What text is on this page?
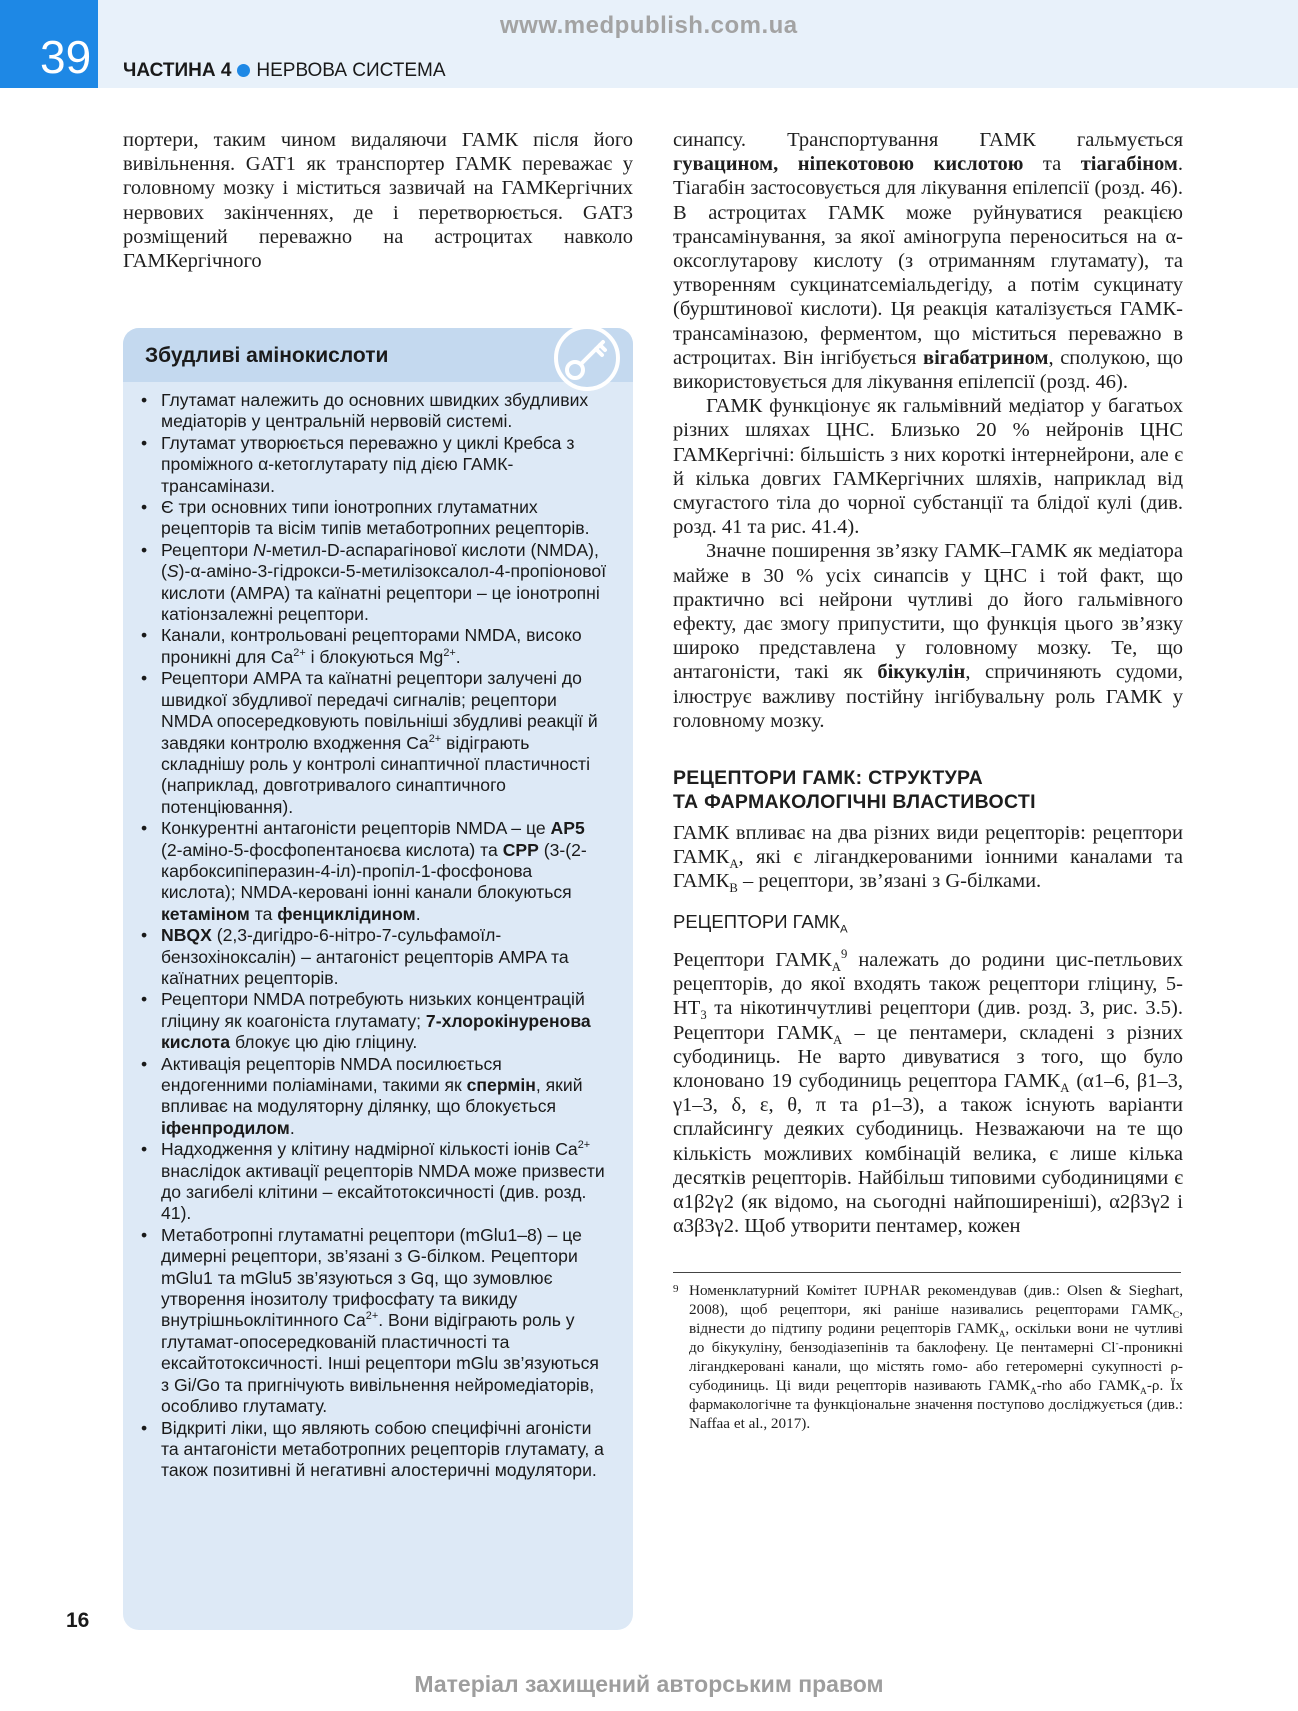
39
www.medpublish.com.ua
ЧАСТИНА 4 НЕРВОВА СИСТЕМА

портери, таким чином видаляючи ГАМК після його вивільнення. GAT1 як транспортер ГАМК переважає у головному мозку і міститься зазвичай на ГАМКергічних нервових закінченнях, де і перетворюється. GAT3 розміщений переважно на астроцитах навколо ГАМКергічного

Збудливі амінокислоти
• Глутамат належить до основних швидких збудливих медіаторів у центральній нервовій системі.
• Глутамат утворюється переважно у циклі Кребса з проміжного α-кетоглутарату під дією ГАМК-трансамінази.
• Є три основних типи іонотропних глутаматних рецепторів та вісім типів метаботропних рецепторів.
• Рецептори N-метил-D-аспарагінової кислоти (NMDA), (S)-α-аміно-3-гідрокси-5-метилізоксалол-4-пропіонової кислоти (AMPA) та каїнатні рецептори – це іонотропні катіонзалежні рецептори.
• Канали, контрольовані рецепторами NMDA, високо проникні для $Ca^{2+}$ і блокуються $Mg^{2+}$.
• Рецептори AMPA та каїнатні рецептори залучені до швидкої збудливої передачі сигналів; рецептори NMDA опосередковують повільніші збудливі реакції й завдяки контролю входження $Ca^{2+}$ відіграють складнішу роль у контролі синаптичної пластичності (наприклад, довготривалого синаптичного потенціювання).
• Конкурентні антагоністи рецепторів NMDA – це AP5 (2-аміно-5-фосфопентаноєва кислота) та CPP (3-(2-карбоксипіперазин-4-іл)-пропіл-1-фосфонова кислота); NMDA-керовані іонні канали блокуються кетаміном та фенциклідином.
• NBQX (2,3-дигідро-6-нітро-7-сульфамоїл-бензохіноксалін) – антагоніст рецепторів AMPA та каїнатних рецепторів.
• Рецептори NMDA потребують низьких концентрацій гліцину як коагоніста глутамату; 7-хлорокінуренова кислота блокує цю дію гліцину.
• Активація рецепторів NMDA посилюється ендогенними поліамінами, такими як спермін, який впливає на модуляторну ділянку, що блокується іфенпродилом.
• Надходження у клітину надмірної кількості іонів $Ca^{2+}$ внаслідок активації рецепторів NMDA може призвести до загибелі клітини – ексайтотоксичності (див. розд. 41).
• Метаботропні глутаматні рецептори (mGlu1–8) – це димерні рецептори, зв’язані з G-білком. Рецептори mGlu1 та mGlu5 зв’язуються з Gq, що зумовлює утворення інозитолу трифосфату та викиду внутрішньоклітинного $Ca^{2+}$. Вони відіграють роль у глутамат-опосередкованій пластичності та ексайтотоксичності. Інші рецептори mGlu зв’язуються з Gi/Go та пригнічують вивільнення нейромедіаторів, особливо глутамату.
• Відкриті ліки, що являють собою специфічні агоністи та антагоністи метаботропних рецепторів глутамату, а також позитивні й негативні алостеричні модулятори.

синапсу. Транспортування ГАМК гальмується гувацином, ніпекотовою кислотою та тіагабіном. Тіагабін застосовується для лікування епілепсії (розд. 46). В астроцитах ГАМК може руйнуватися реакцією трансамінування, за якої аміногрупа переноситься на α-оксоглутарову кислоту (з отриманням глутамату), та утворенням сукцинатсеміальдегіду, а потім сукцинату (бурштинової кислоти). Ця реакція каталізується ГАМК-трансаміназою, ферментом, що міститься переважно в астроцитах. Він інгібується вігабатрином, сполукою, що використовується для лікування епілепсії (розд. 46).

ГАМК функціонує як гальмівний медіатор у багатьох різних шляхах ЦНС. Близько 20 % нейронів ЦНС ГАМКергічні: більшість з них короткі інтернейрони, але є й кілька довгих ГАМКергічних шляхів, наприклад від смугастого тіла до чорної субстанції та блідої кулі (див. розд. 41 та рис. 41.4).

Значне поширення зв’язку ГАМК–ГАМК як медіатора майже в 30 % усіх синапсів у ЦНС і той факт, що практично всі нейрони чутливі до його гальмівного ефекту, дає змогу припустити, що функція цього зв’язку широко представлена у головному мозку. Те, що антагоністи, такі як бікукулін, спричиняють судоми, ілюструє важливу постійну інгібувальну роль ГАМК у головному мозку.

РЕЦЕПТОРИ ГАМК: СТРУКТУРА
ТА ФАРМАКОЛОГІЧНІ ВЛАСТИВОСТІ

ГАМК впливає на два різних види рецепторів: рецептори $ГАМК_А$, які є лігандкерованими іонними каналами та $ГАМК_В$ – рецептори, зв’язані з G-білками.

РЕЦЕПТОРИ $ГАМК_А$

Рецептори $ГАМК_А^9$ належать до родини цис-петльових рецепторів, до якої входять також рецептори гліцину, $5-HT_3$ та нікотинчутливі рецептори (див. розд. 3, рис. 3.5). Рецептори $ГАМК_А$ – це пентамери, складені з різних субодиниць. Не варто дивуватися з того, що було клоновано 19 субодиниць рецептора $ГАМК_А$ (α1–6, β1–3, γ1–3, δ, ε, θ, π та ρ1–3), а також існують варіанти сплайсингу деяких субодиниць. Незважаючи на те що кількість можливих комбінацій велика, є лише кілька десятків рецепторів. Найбільш типовими субодиницями є α1β2γ2 (як відомо, на сьогодні найпоширеніші), α2β3γ2 і α3β3γ2. Щоб утворити пентамер, кожен

9 Номенклатурний Комітет IUPHAR рекомендував (див.: Olsen & Sieghart, 2008), щоб рецептори, які раніше називались рецепторами $ГАМК_С$, віднести до підтипу родини рецепторів $ГАМК_А$, оскільки вони не чутливі до бікукуліну, бензодіазепінів та баклофену. Це пентамерні Cl--проникні лігандкеровані канали, що містять гомо- або гетеромерні сукупності ρ-субодиниць. Ці види рецепторів називають $ГАМК_А$-rho або $ГАМК_А-\rho$. Їх фармакологічне та функціональне значення поступово досліджується (див.: Naffaa et al., 2017).
16
Матеріал захищений авторським правом
